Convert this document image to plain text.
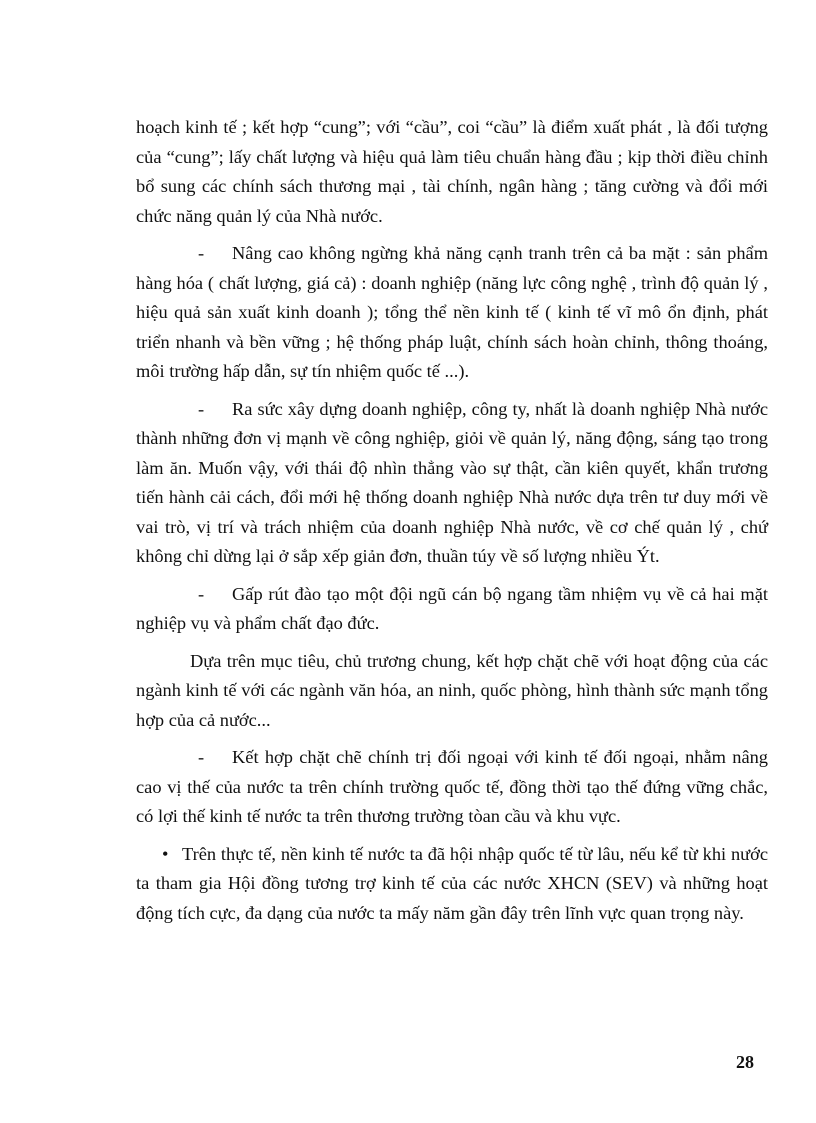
hoạch kinh tế ; kết hợp “cung”; với “cầu”, coi “cầu” là điểm xuất phát , là đối tượng của “cung”; lấy chất lượng và hiệu quả làm tiêu chuẩn hàng đầu ; kịp thời điều chỉnh bổ sung các chính sách thương mại , tài chính, ngân hàng ; tăng cường và đổi mới chức năng quản lý của Nhà nước.

- Nâng cao không ngừng khả năng cạnh tranh trên cả ba mặt : sản phẩm hàng hóa ( chất lượng, giá cả) : doanh nghiệp (năng lực công nghệ , trình độ quản lý , hiệu quả sản xuất kinh doanh ); tổng thể nền kinh tế ( kinh tế vĩ mô ổn định, phát triển nhanh và bền vững ; hệ thống pháp luật, chính sách hoàn chỉnh, thông thoáng, môi trường hấp dẫn, sự tín nhiệm quốc tế ...).

- Ra sức xây dựng doanh nghiệp, công ty, nhất là doanh nghiệp Nhà nước thành những đơn vị mạnh về công nghiệp, giỏi về quản lý, năng động, sáng tạo trong làm ăn. Muốn vậy, với thái độ nhìn thẳng vào sự thật, cần kiên quyết, khẩn trương tiến hành cải cách, đổi mới hệ thống doanh nghiệp Nhà nước dựa trên tư duy mới về vai trò, vị trí và trách nhiệm của doanh nghiệp Nhà nước, về cơ chế quản lý , chứ không chỉ dừng lại ở sắp xếp giản đơn, thuần túy về số lượng nhiều Ýt.

- Gấp rút đào tạo một đội ngũ cán bộ ngang tầm nhiệm vụ về cả hai mặt nghiệp vụ và phẩm chất đạo đức.

Dựa trên mục tiêu, chủ trương chung, kết hợp chặt chẽ với hoạt động của các ngành kinh tế với các ngành văn hóa, an ninh, quốc phòng, hình thành sức mạnh tổng hợp của cả nước...

- Kết hợp chặt chẽ chính trị đối ngoại với kinh tế đối ngoại, nhằm nâng cao vị thế của nước ta trên chính trường quốc tế, đồng thời tạo thế đứng vững chắc, có lợi thế kinh tế nước ta trên thương trường tòan cầu và khu vực.

• Trên thực tế, nền kinh tế nước ta đã hội nhập quốc tế từ lâu, nếu kể từ khi nước ta tham gia Hội đồng tương trợ kinh tế của các nước XHCN (SEV) và những hoạt động tích cực, đa dạng của nước ta mấy năm gần đây trên lĩnh vực quan trọng này.

28
